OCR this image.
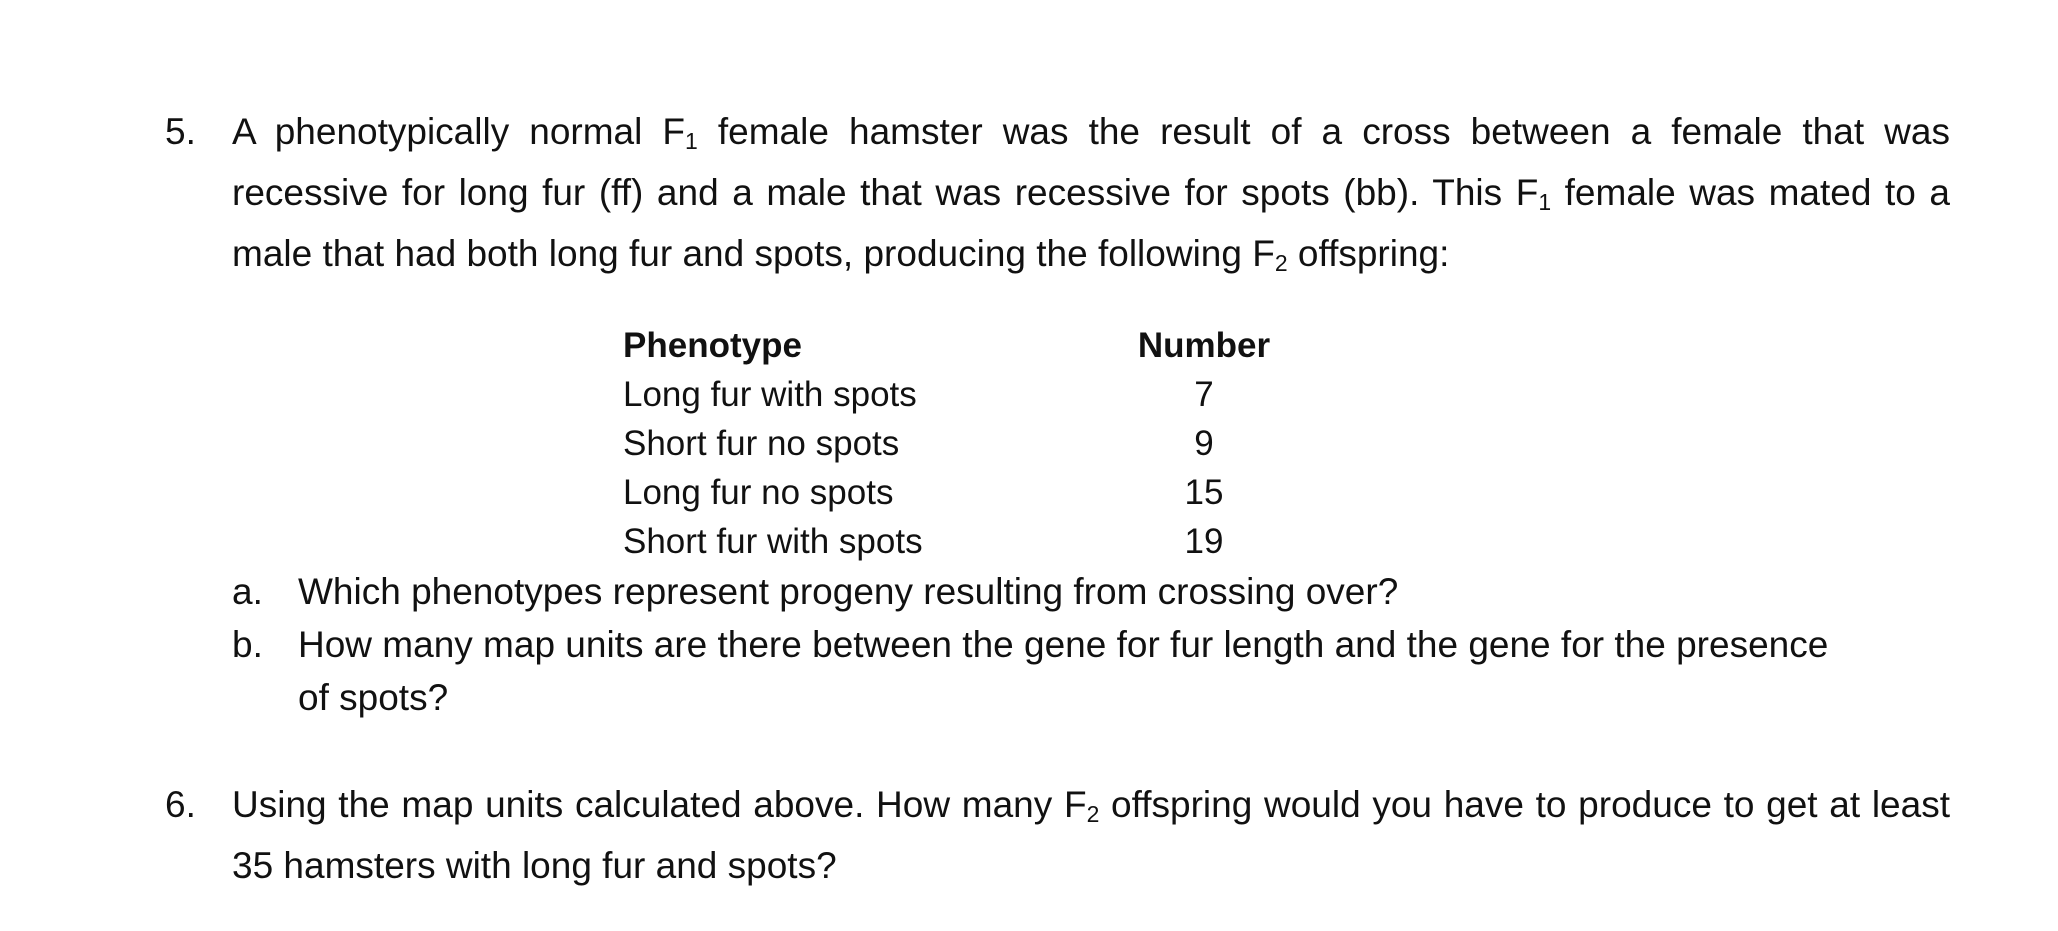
5. A phenotypically normal $F_1$ female hamster was the result of a cross between a female that was recessive for long fur (ff) and a male that was recessive for spots (bb). This $F_1$ female was mated to a male that had both long fur and spots, producing the following $F_2$ offspring:
Phenotype	Number
Long fur with spots	7
Short fur no spots	9
Long fur no spots	15
Short fur with spots	19
a. Which phenotypes represent progeny resulting from crossing over?
b. How many map units are there between the gene for fur length and the gene for the presence of spots?
6. Using the map units calculated above. How many $F_2$ offspring would you have to produce to get at least 35 hamsters with long fur and spots?
